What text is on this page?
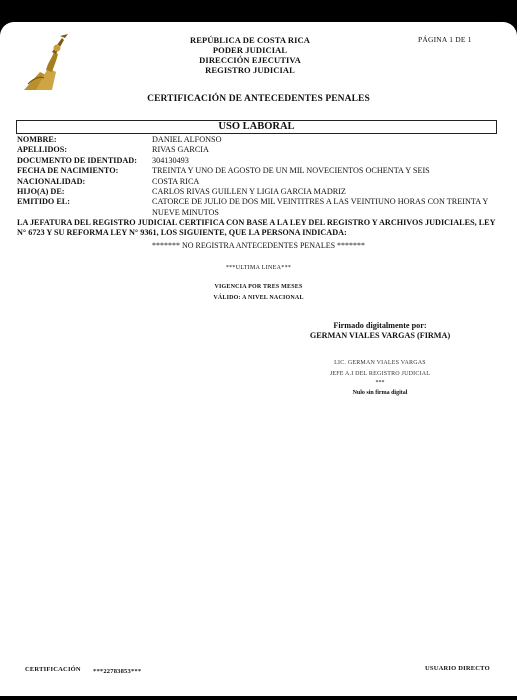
REPÚBLICA DE COSTA RICA
PODER JUDICIAL
DIRECCIÓN EJECUTIVA
REGISTRO JUDICIAL
PÁGINA 1 DE 1
CERTIFICACIÓN DE ANTECEDENTES PENALES
USO LABORAL
NOMBRE:	DANIEL ALFONSO
APELLIDOS:	RIVAS GARCIA
DOCUMENTO DE IDENTIDAD:	304130493
FECHA DE NACIMIENTO:	TREINTA Y UNO DE AGOSTO DE UN MIL NOVECIENTOS OCHENTA Y SEIS
NACIONALIDAD:	COSTA RICA
HIJO(A) DE:	CARLOS RIVAS GUILLEN Y LIGIA GARCIA MADRIZ
EMITIDO EL:	CATORCE DE JULIO DE DOS MIL VEINTITRES A LAS VEINTIUNO HORAS CON TREINTA Y NUEVE MINUTOS
LA JEFATURA DEL REGISTRO JUDICIAL CERTIFICA CON BASE A LA LEY DEL REGISTRO Y ARCHIVOS JUDICIALES, LEY N° 6723 Y SU REFORMA LEY N° 9361, LOS SIGUIENTE, QUE LA PERSONA INDICADA:
******* NO REGISTRA ANTECEDENTES PENALES *******
***ULTIMA LINEA***
VIGENCIA POR TRES MESES
VÁLIDO: A NIVEL NACIONAL
Firmado digitalmente por:
GERMAN VIALES VARGAS (FIRMA)
LIC. GERMAN VIALES VARGAS
JEFE A.I DEL REGISTRO JUDICIAL
***
Nulo sin firma digital
CERTIFICACIÓN ***22783853***	USUARIO DIRECTO
